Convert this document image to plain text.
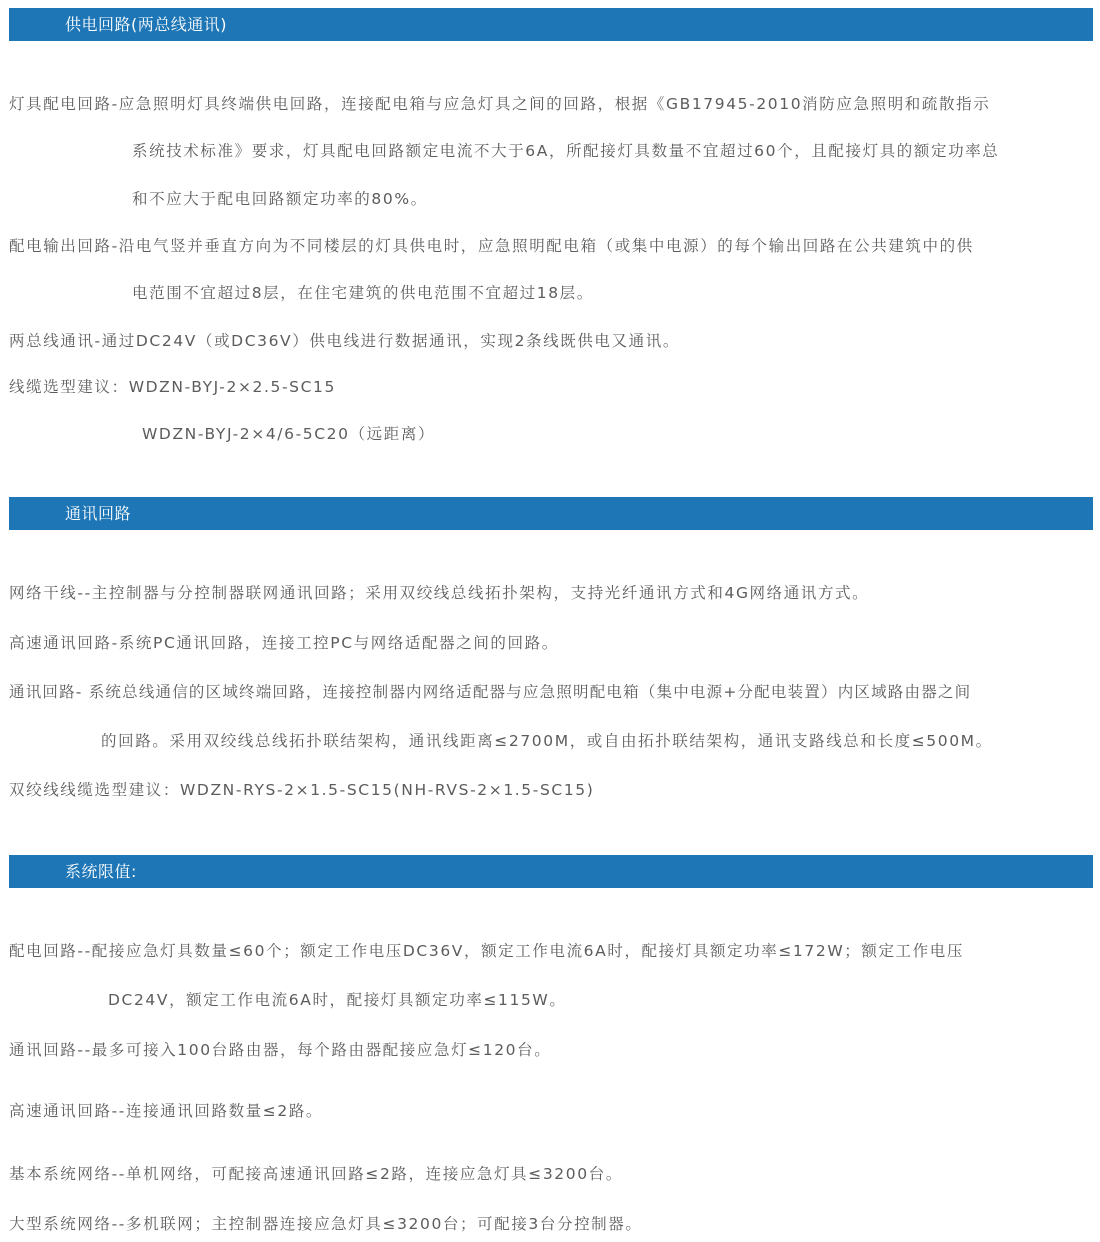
供电回路(两总线通讯)
灯具配电回路-应急照明灯具终端供电回路，连接配电箱与应急灯具之间的回路，根据《GB17945-2010消防应急照明和疏散指示
系统技术标准》要求，灯具配电回路额定电流不大于6A，所配接灯具数量不宜超过60个，且配接灯具的额定功率总
和不应大于配电回路额定功率的80%。
配电输出回路-沿电气竖并垂直方向为不同楼层的灯具供电时，应急照明配电箱（或集中电源）的每个输出回路在公共建筑中的供
电范围不宜超过8层，在住宅建筑的供电范围不宜超过18层。
两总线通讯-通过DC24V（或DC36V）供电线进行数据通讯，实现2条线既供电又通讯。
线缆选型建议：WDZN-BYJ-2×2.5-SC15
WDZN-BYJ-2×4/6-5C20（远距离）
通讯回路
网络干线--主控制器与分控制器联网通讯回路；采用双绞线总线拓扑架构，支持光纤通讯方式和4G网络通讯方式。
高速通讯回路-系统PC通讯回路，连接工控PC与网络适配器之间的回路。
通讯回路- 系统总线通信的区域终端回路，连接控制器内网络适配器与应急照明配电箱（集中电源+分配电装置）内区域路由器之间
的回路。采用双绞线总线拓扑联结架构，通讯线距离≤2700M，或自由拓扑联结架构，通讯支路线总和长度≤500M。
双绞线线缆选型建议：WDZN-RYS-2×1.5-SC15(NH-RVS-2×1.5-SC15)
系统限值:
配电回路--配接应急灯具数量≤60个；额定工作电压DC36V，额定工作电流6A时，配接灯具额定功率≤172W；额定工作电压
DC24V，额定工作电流6A时，配接灯具额定功率≤115W。
通讯回路--最多可接入100台路由器，每个路由器配接应急灯≤120台。
高速通讯回路--连接通讯回路数量≤2路。
基本系统网络--单机网络，可配接高速通讯回路≤2路，连接应急灯具≤3200台。
大型系统网络--多机联网；主控制器连接应急灯具≤3200台；可配接3台分控制器。
